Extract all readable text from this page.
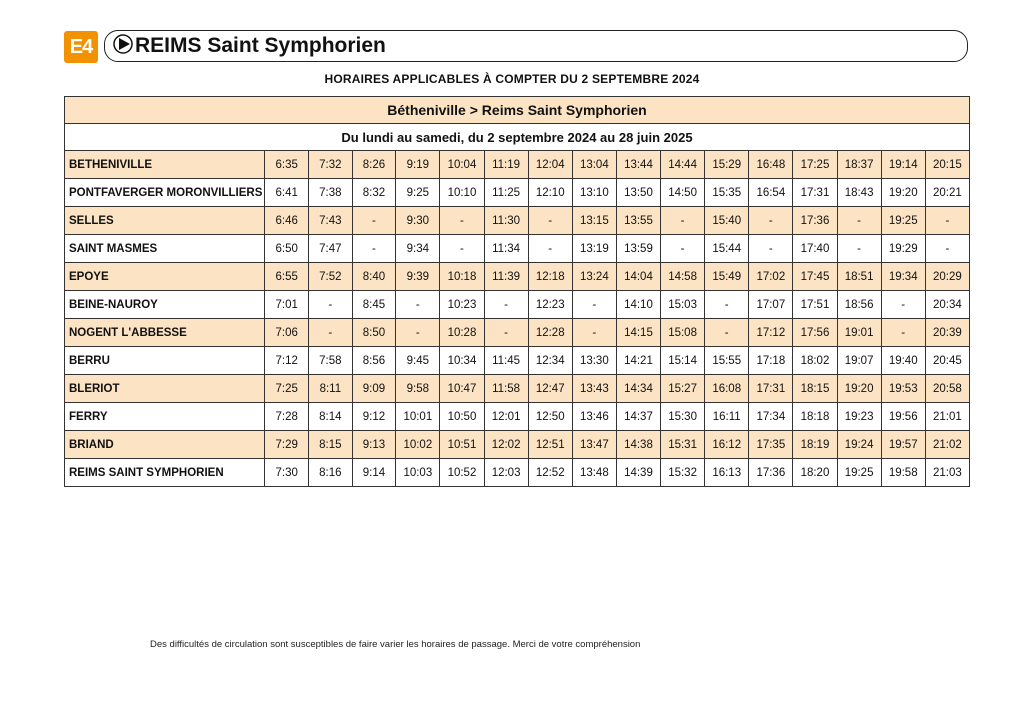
E4 REIMS Saint Symphorien
HORAIRES APPLICABLES À COMPTER DU 2 SEPTEMBRE 2024
Bétheniville > Reims Saint Symphorien																
Du lundi au samedi, du 2 septembre 2024 au 28 juin 2025																
BETHENIVILLE	6:35	7:32	8:26	9:19	10:04	11:19	12:04	13:04	13:44	14:44	15:29	16:48	17:25	18:37	19:14	20:15
PONTFAVERGER MORONVILLIERS	6:41	7:38	8:32	9:25	10:10	11:25	12:10	13:10	13:50	14:50	15:35	16:54	17:31	18:43	19:20	20:21
SELLES	6:46	7:43	-	9:30	-	11:30	-	13:15	13:55	-	15:40	-	17:36	-	19:25	-
SAINT MASMES	6:50	7:47	-	9:34	-	11:34	-	13:19	13:59	-	15:44	-	17:40	-	19:29	-
EPOYE	6:55	7:52	8:40	9:39	10:18	11:39	12:18	13:24	14:04	14:58	15:49	17:02	17:45	18:51	19:34	20:29
BEINE-NAUROY	7:01	-	8:45	-	10:23	-	12:23	-	14:10	15:03	-	17:07	17:51	18:56	-	20:34
NOGENT L'ABBESSE	7:06	-	8:50	-	10:28	-	12:28	-	14:15	15:08	-	17:12	17:56	19:01	-	20:39
BERRU	7:12	7:58	8:56	9:45	10:34	11:45	12:34	13:30	14:21	15:14	15:55	17:18	18:02	19:07	19:40	20:45
BLERIOT	7:25	8:11	9:09	9:58	10:47	11:58	12:47	13:43	14:34	15:27	16:08	17:31	18:15	19:20	19:53	20:58
FERRY	7:28	8:14	9:12	10:01	10:50	12:01	12:50	13:46	14:37	15:30	16:11	17:34	18:18	19:23	19:56	21:01
BRIAND	7:29	8:15	9:13	10:02	10:51	12:02	12:51	13:47	14:38	15:31	16:12	17:35	18:19	19:24	19:57	21:02
REIMS SAINT SYMPHORIEN	7:30	8:16	9:14	10:03	10:52	12:03	12:52	13:48	14:39	15:32	16:13	17:36	18:20	19:25	19:58	21:03
Des difficultés de circulation sont susceptibles de faire varier les horaires de passage. Merci de votre compréhension
